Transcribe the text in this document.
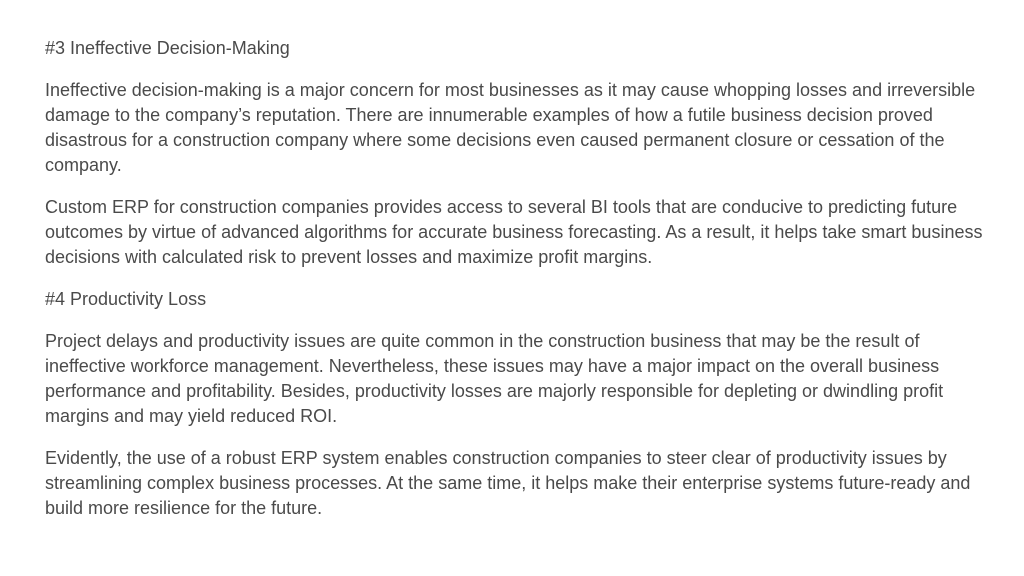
#3 Ineffective Decision-Making

Ineffective decision-making is a major concern for most businesses as it may cause whopping losses and irreversible damage to the company’s reputation. There are innumerable examples of how a futile business decision proved disastrous for a construction company where some decisions even caused permanent closure or cessation of the company.

Custom ERP for construction companies provides access to several BI tools that are conducive to predicting future outcomes by virtue of advanced algorithms for accurate business forecasting. As a result, it helps take smart business decisions with calculated risk to prevent losses and maximize profit margins.

#4 Productivity Loss

Project delays and productivity issues are quite common in the construction business that may be the result of ineffective workforce management. Nevertheless, these issues may have a major impact on the overall business performance and profitability. Besides, productivity losses are majorly responsible for depleting or dwindling profit margins and may yield reduced ROI.

Evidently, the use of a robust ERP system enables construction companies to steer clear of productivity issues by streamlining complex business processes. At the same time, it helps make their enterprise systems future-ready and build more resilience for the future.
